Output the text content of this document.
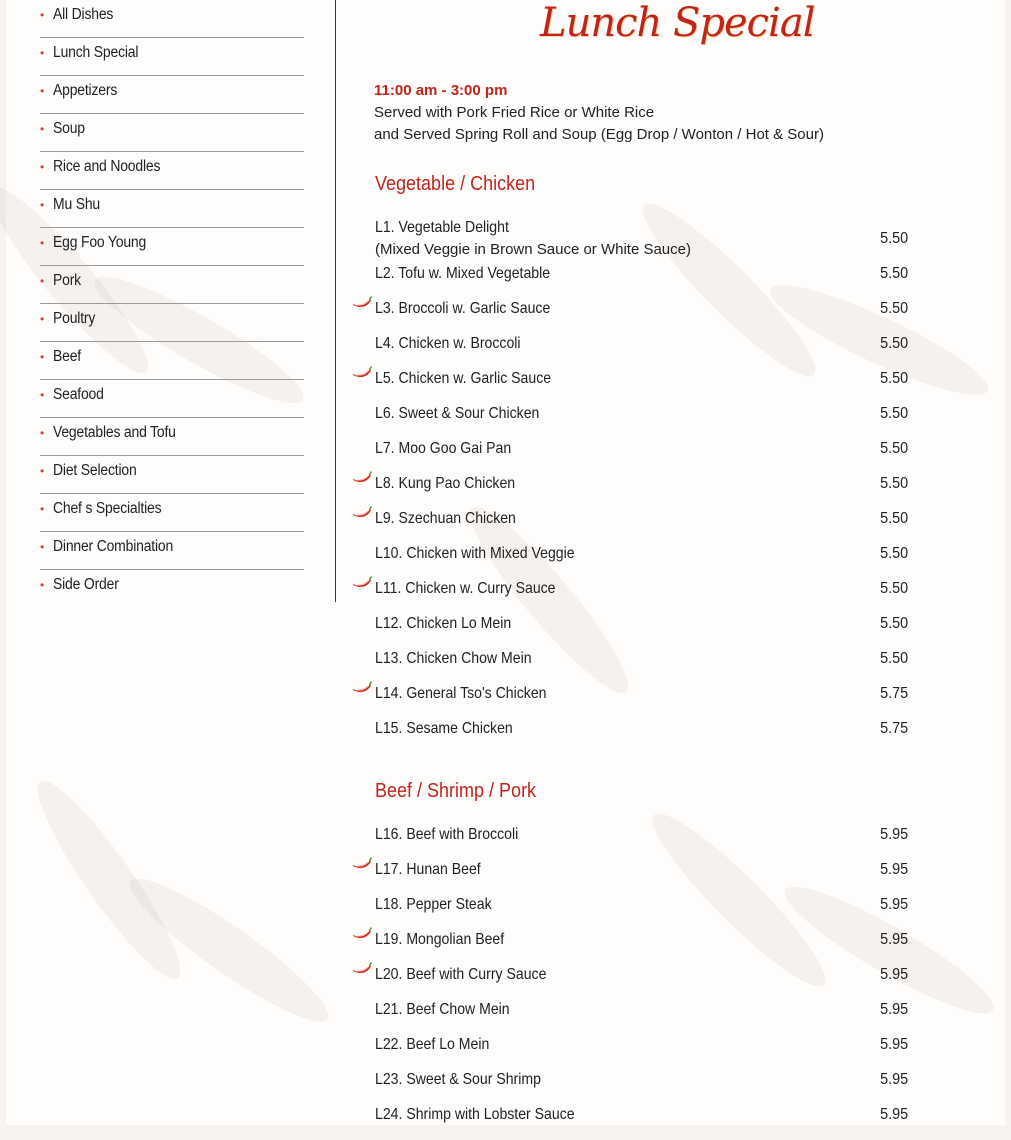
• All Dishes
• Lunch Special
• Appetizers
• Soup
• Rice and Noodles
• Mu Shu
• Egg Foo Young
• Pork
• Poultry
• Beef
• Seafood
• Vegetables and Tofu
• Diet Selection
• Chef s Specialties
• Dinner Combination
• Side Order
Lunch Special
11:00 am - 3:00 pm
Served with Pork Fried Rice or White Rice
and Served Spring Roll and Soup (Egg Drop / Wonton / Hot & Sour)
Vegetable / Chicken
L1. Vegetable Delight
(Mixed Veggie in Brown Sauce or White Sauce)
5.50
L2. Tofu w. Mixed Vegetable	5.50
L3. Broccoli w. Garlic Sauce	5.50
L4. Chicken w. Broccoli	5.50
L5. Chicken w. Garlic Sauce	5.50
L6. Sweet & Sour Chicken	5.50
L7. Moo Goo Gai Pan	5.50
L8. Kung Pao Chicken	5.50
L9. Szechuan Chicken	5.50
L10. Chicken with Mixed Veggie	5.50
L11. Chicken w. Curry Sauce	5.50
L12. Chicken Lo Mein	5.50
L13. Chicken Chow Mein	5.50
L14. General Tso's Chicken	5.75
L15. Sesame Chicken	5.75
Beef / Shrimp / Pork
L16. Beef with Broccoli	5.95
L17. Hunan Beef	5.95
L18. Pepper Steak	5.95
L19. Mongolian Beef	5.95
L20. Beef with Curry Sauce	5.95
L21. Beef Chow Mein	5.95
L22. Beef Lo Mein	5.95
L23. Sweet & Sour Shrimp	5.95
L24. Shrimp with Lobster Sauce	5.95
